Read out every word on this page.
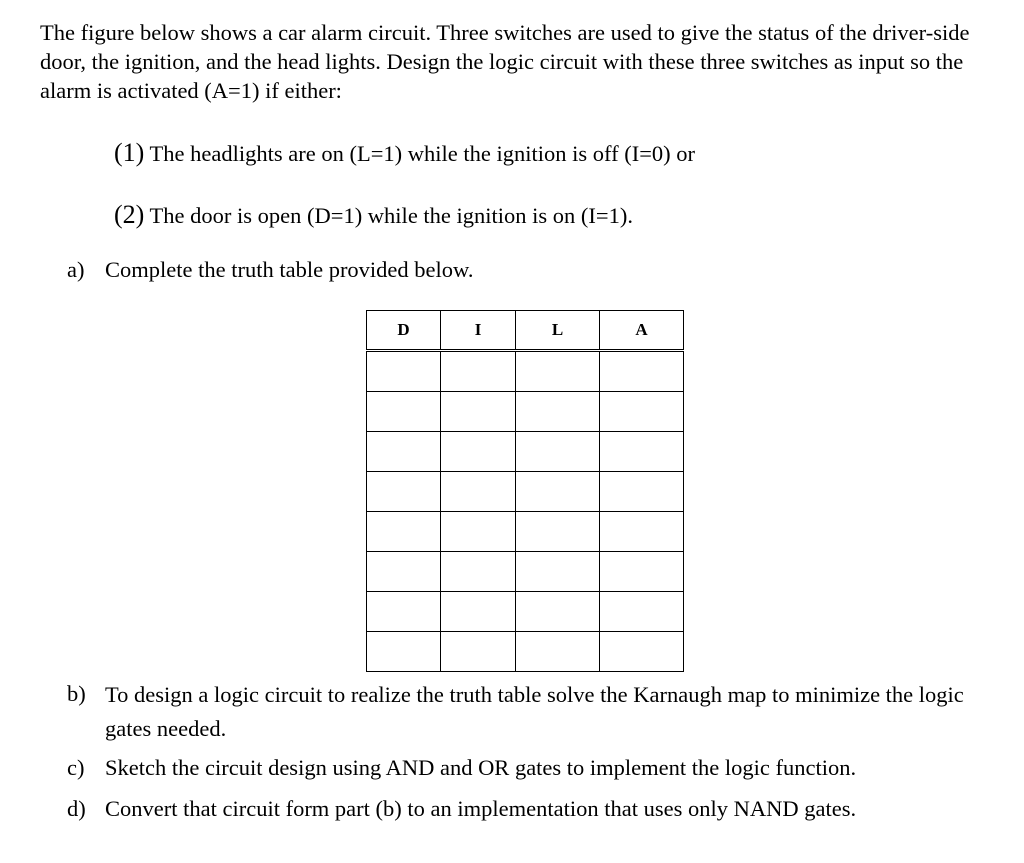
The figure below shows a car alarm circuit. Three switches are used to give the status of the driver-side door, the ignition, and the head lights. Design the logic circuit with these three switches as input so the alarm is activated (A=1) if either:

(1) The headlights are on (L=1) while the ignition is off (I=0) or

(2) The door is open (D=1) while the ignition is on (I=1).

a) Complete the truth table provided below.
D	I	L	A

b) To design a logic circuit to realize the truth table solve the Karnaugh map to minimize the logic gates needed.
c) Sketch the circuit design using AND and OR gates to implement the logic function.
d) Convert that circuit form part (b) to an implementation that uses only NAND gates.
